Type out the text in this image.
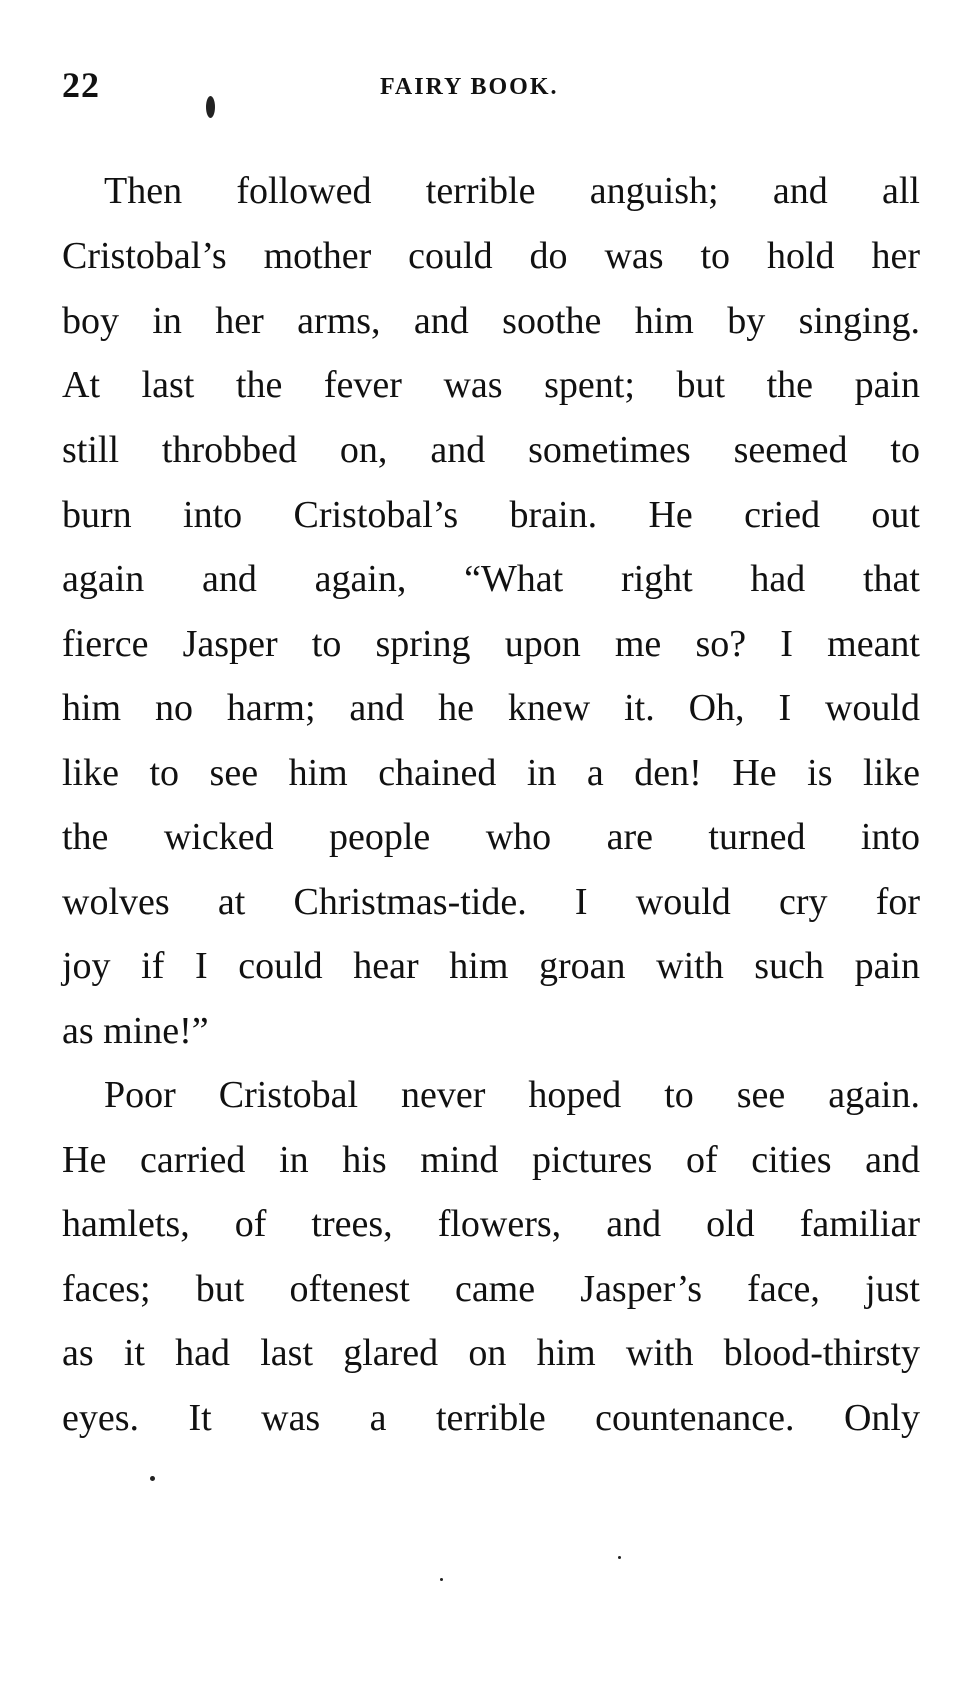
22	FAIRY BOOK.
Then followed terrible anguish; and all
Cristobal’s mother could do was to hold her
boy in her arms, and soothe him by singing.
At last the fever was spent; but the pain
still throbbed on, and sometimes seemed to
burn into Cristobal’s brain. He cried out
again and again, “What right had that
fierce Jasper to spring upon me so? I meant
him no harm; and he knew it. Oh, I would
like to see him chained in a den! He is like
the wicked people who are turned into
wolves at Christmas-tide. I would cry for
joy if I could hear him groan with such pain
as mine!”
Poor Cristobal never hoped to see again.
He carried in his mind pictures of cities and
hamlets, of trees, flowers, and old familiar
faces; but oftenest came Jasper’s face, just
as it had last glared on him with blood-thirsty
eyes. It was a terrible countenance. Only
